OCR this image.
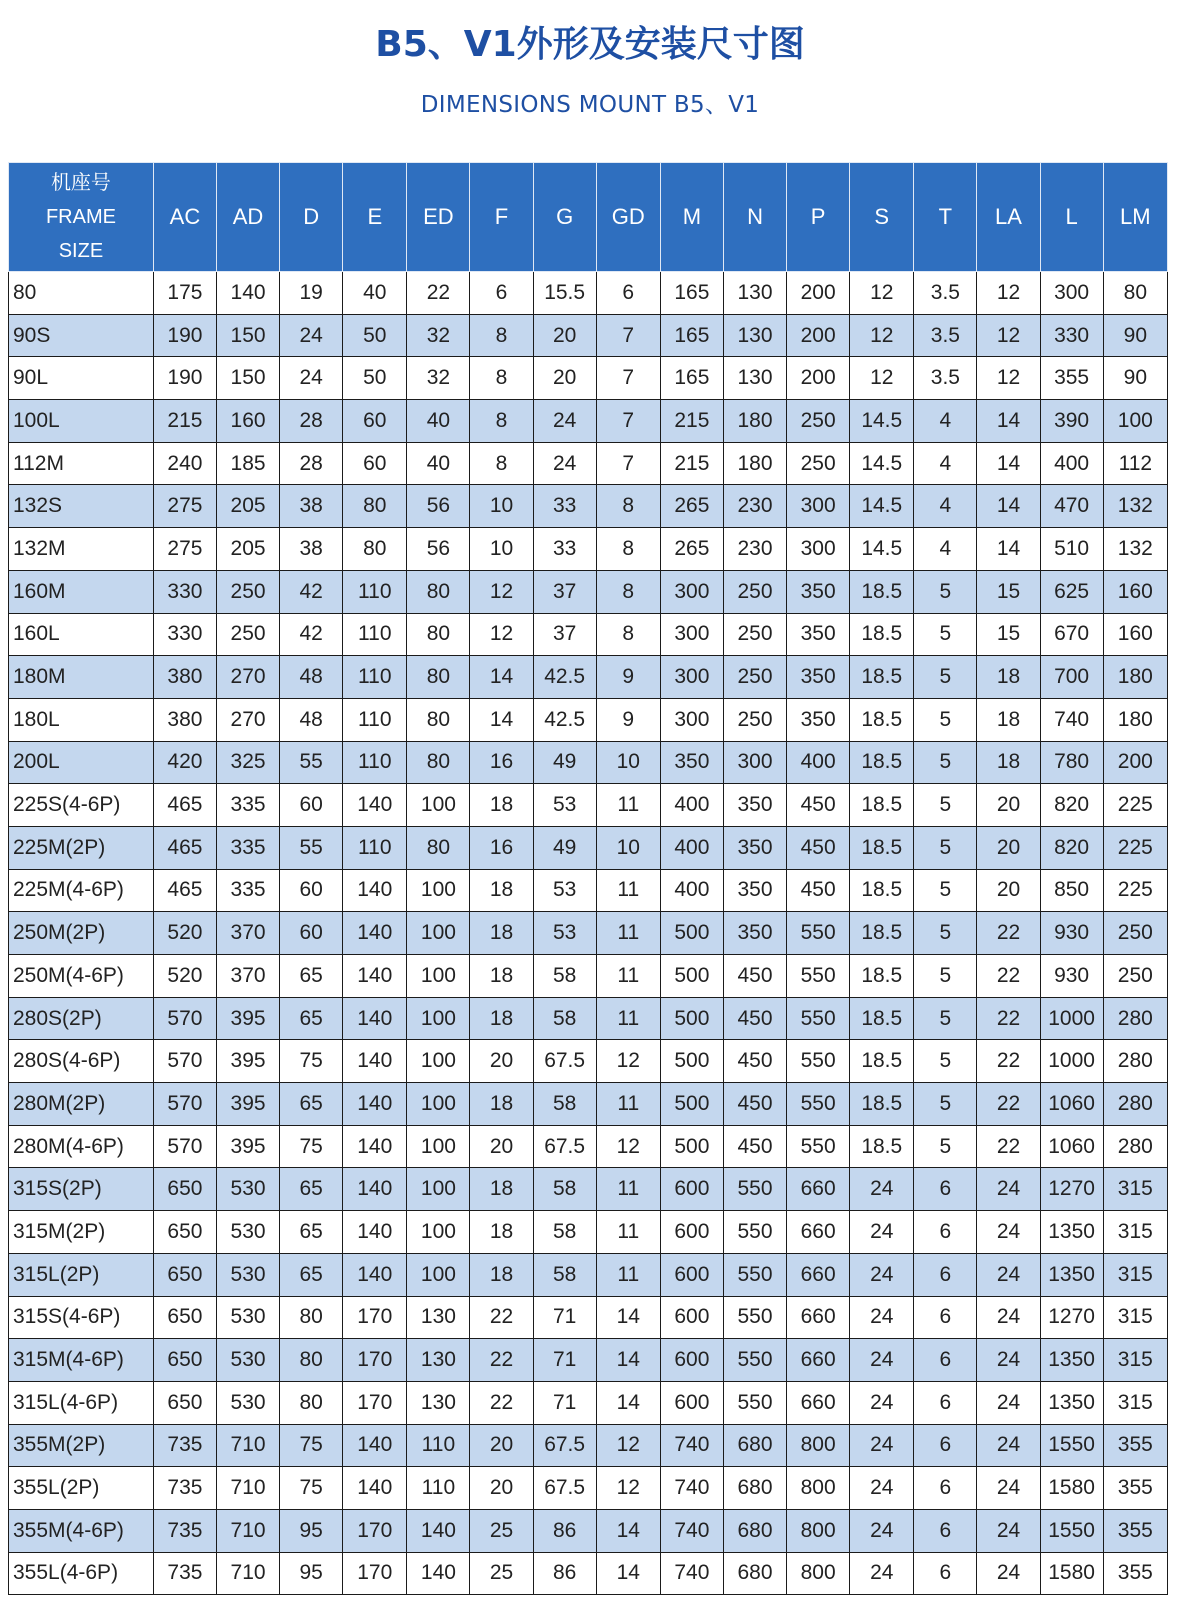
B5、V1外形及安装尺寸图
DIMENSIONS MOUNT B5、V1
机座号
FRAME
SIZE	AC	AD	D	E	ED	F	G	GD	M	N	P	S	T	LA	L	LM
80	175	140	19	40	22	6	15.5	6	165	130	200	12	3.5	12	300	80
90S	190	150	24	50	32	8	20	7	165	130	200	12	3.5	12	330	90
90L	190	150	24	50	32	8	20	7	165	130	200	12	3.5	12	355	90
100L	215	160	28	60	40	8	24	7	215	180	250	14.5	4	14	390	100
112M	240	185	28	60	40	8	24	7	215	180	250	14.5	4	14	400	112
132S	275	205	38	80	56	10	33	8	265	230	300	14.5	4	14	470	132
132M	275	205	38	80	56	10	33	8	265	230	300	14.5	4	14	510	132
160M	330	250	42	110	80	12	37	8	300	250	350	18.5	5	15	625	160
160L	330	250	42	110	80	12	37	8	300	250	350	18.5	5	15	670	160
180M	380	270	48	110	80	14	42.5	9	300	250	350	18.5	5	18	700	180
180L	380	270	48	110	80	14	42.5	9	300	250	350	18.5	5	18	740	180
200L	420	325	55	110	80	16	49	10	350	300	400	18.5	5	18	780	200
225S(4-6P)	465	335	60	140	100	18	53	11	400	350	450	18.5	5	20	820	225
225M(2P)	465	335	55	110	80	16	49	10	400	350	450	18.5	5	20	820	225
225M(4-6P)	465	335	60	140	100	18	53	11	400	350	450	18.5	5	20	850	225
250M(2P)	520	370	60	140	100	18	53	11	500	350	550	18.5	5	22	930	250
250M(4-6P)	520	370	65	140	100	18	58	11	500	450	550	18.5	5	22	930	250
280S(2P)	570	395	65	140	100	18	58	11	500	450	550	18.5	5	22	1000	280
280S(4-6P)	570	395	75	140	100	20	67.5	12	500	450	550	18.5	5	22	1000	280
280M(2P)	570	395	65	140	100	18	58	11	500	450	550	18.5	5	22	1060	280
280M(4-6P)	570	395	75	140	100	20	67.5	12	500	450	550	18.5	5	22	1060	280
315S(2P)	650	530	65	140	100	18	58	11	600	550	660	24	6	24	1270	315
315M(2P)	650	530	65	140	100	18	58	11	600	550	660	24	6	24	1350	315
315L(2P)	650	530	65	140	100	18	58	11	600	550	660	24	6	24	1350	315
315S(4-6P)	650	530	80	170	130	22	71	14	600	550	660	24	6	24	1270	315
315M(4-6P)	650	530	80	170	130	22	71	14	600	550	660	24	6	24	1350	315
315L(4-6P)	650	530	80	170	130	22	71	14	600	550	660	24	6	24	1350	315
355M(2P)	735	710	75	140	110	20	67.5	12	740	680	800	24	6	24	1550	355
355L(2P)	735	710	75	140	110	20	67.5	12	740	680	800	24	6	24	1580	355
355M(4-6P)	735	710	95	170	140	25	86	14	740	680	800	24	6	24	1550	355
355L(4-6P)	735	710	95	170	140	25	86	14	740	680	800	24	6	24	1580	355
